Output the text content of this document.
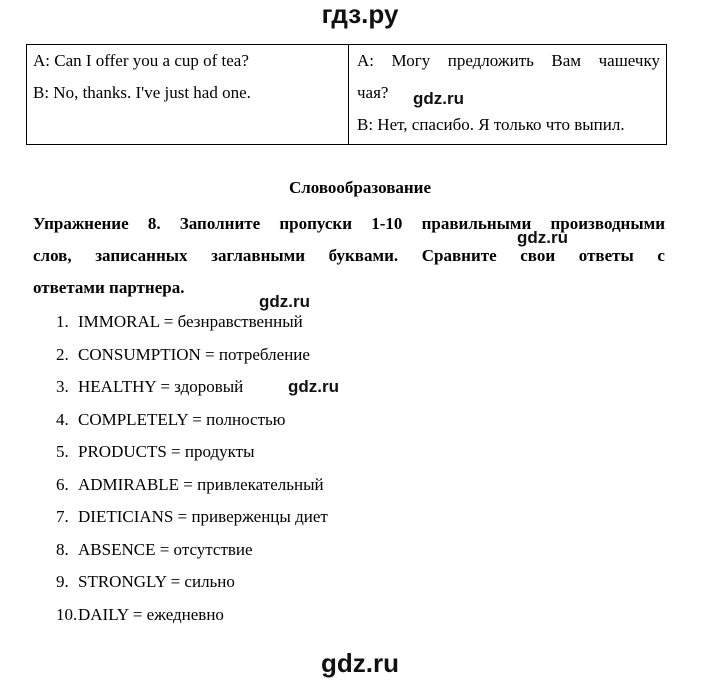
гдз.ру
A: Can I offer you a cup of tea?
B: No, thanks. I've just had one.
A: Могу предложить Вам чашечку
чая?
B: Нет, спасибо. Я только что выпил.
gdz.ru
Словообразование
Упражнение 8. Заполните пропуски 1-10 правильными производными
слов, записанных заглавными буквами. Сравните свои ответы с
ответами партнера.
gdz.ru
gdz.ru
1. IMMORAL = безнравственный
2. CONSUMPTION = потребление
3. HEALTHY = здоровый
4. COMPLETELY = полностью
5. PRODUCTS = продукты
6. ADMIRABLE = привлекательный
7. DIETICIANS = приверженцы диет
8. ABSENCE = отсутствие
9. STRONGLY = сильно
10.DAILY = ежедневно
gdz.ru
gdz.ru
